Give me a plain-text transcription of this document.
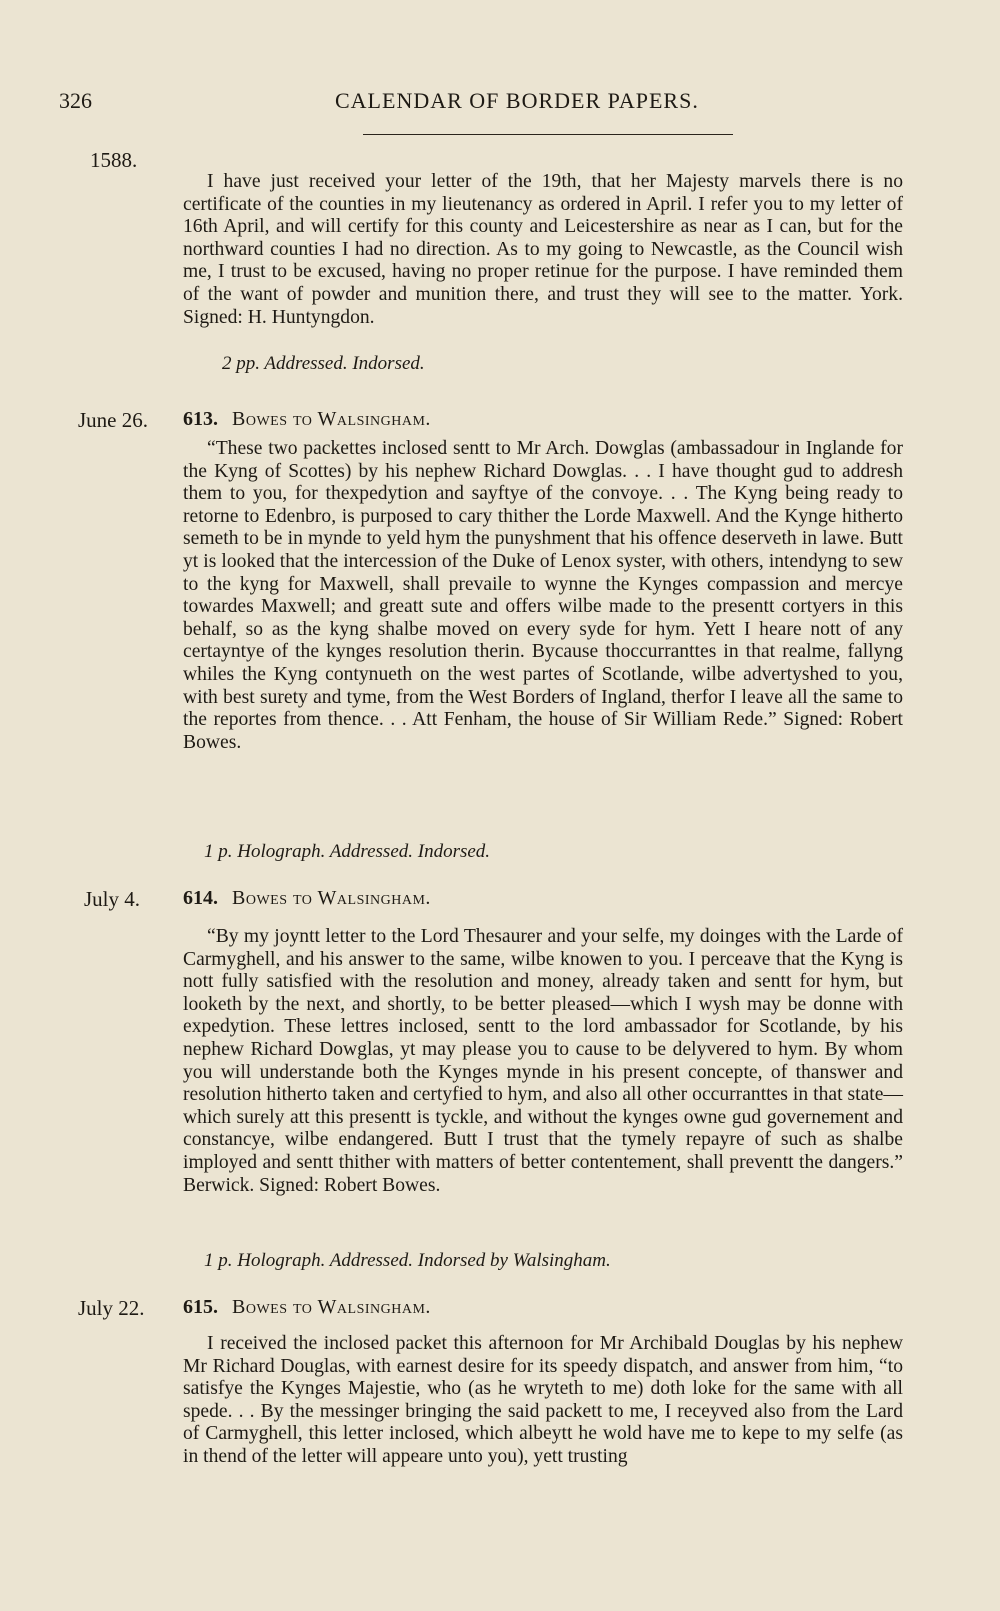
326	CALENDAR OF BORDER PAPERS.
1588.

I have just received your letter of the 19th, that her Majesty marvels there is no certificate of the counties in my lieutenancy as ordered in April. I refer you to my letter of 16th April, and will certify for this county and Leicestershire as near as I can, but for the northward counties I had no direction. As to my going to Newcastle, as the Council wish me, I trust to be excused, having no proper retinue for the purpose. I have reminded them of the want of powder and munition there, and trust they will see to the matter. York. Signed: H. Huntyngdon.

2 pp. Addressed. Indorsed.
June 26. 613. Bowes to Walsingham.

“These two packettes inclosed sentt to Mr Arch. Dowglas (ambassadour in Inglande for the Kyng of Scottes) by his nephew Richard Dowglas. . . I have thought gud to addresh them to you, for thexpedytion and sayftye of the convoye. . . The Kyng being ready to retorne to Edenbro, is purposed to cary thither the Lorde Maxwell. And the Kynge hitherto semeth to be in mynde to yeld hym the punyshment that his offence deserveth in lawe. Butt yt is looked that the intercession of the Duke of Lenox syster, with others, intendyng to sew to the kyng for Maxwell, shall prevaile to wynne the Kynges compassion and mercye towardes Maxwell; and greatt sute and offers wilbe made to the presentt cortyers in this behalf, so as the kyng shalbe moved on every syde for hym. Yett I heare nott of any certayntye of the kynges resolution therin. Bycause thoccurranttes in that realme, fallyng whiles the Kyng contynueth on the west partes of Scotlande, wilbe advertyshed to you, with best surety and tyme, from the West Borders of Ingland, therfor I leave all the same to the reportes from thence. . . Att Fenham, the house of Sir William Rede.” Signed: Robert Bowes.

1 p. Holograph. Addressed. Indorsed.
July 4. 614. Bowes to Walsingham.

“By my joyntt letter to the Lord Thesaurer and your selfe, my doinges with the Larde of Carmyghell, and his answer to the same, wilbe knowen to you. I perceave that the Kyng is nott fully satisfied with the resolution and money, already taken and sentt for hym, but looketh by the next, and shortly, to be better pleased—which I wysh may be donne with expedytion. These lettres inclosed, sentt to the lord ambassador for Scotlande, by his nephew Richard Dowglas, yt may please you to cause to be delyvered to hym. By whom you will understande both the Kynges mynde in his present concepte, of thanswer and resolution hitherto taken and certyfied to hym, and also all other occurranttes in that state—which surely att this presentt is tyckle, and without the kynges owne gud governement and constancye, wilbe endangered. Butt I trust that the tymely repayre of such as shalbe imployed and sentt thither with matters of better contentement, shall preventt the dangers.” Berwick. Signed: Robert Bowes.

1 p. Holograph. Addressed. Indorsed by Walsingham.
July 22. 615. Bowes to Walsingham.

I received the inclosed packet this afternoon for Mr Archibald Douglas by his nephew Mr Richard Douglas, with earnest desire for its speedy dispatch, and answer from him, “to satisfye the Kynges Majestie, who (as he wryteth to me) doth loke for the same with all spede. . . By the messinger bringing the said packett to me, I receyved also from the Lard of Carmyghell, this letter inclosed, which albeytt he wold have me to kepe to my selfe (as in thend of the letter will appeare unto you), yett trusting
